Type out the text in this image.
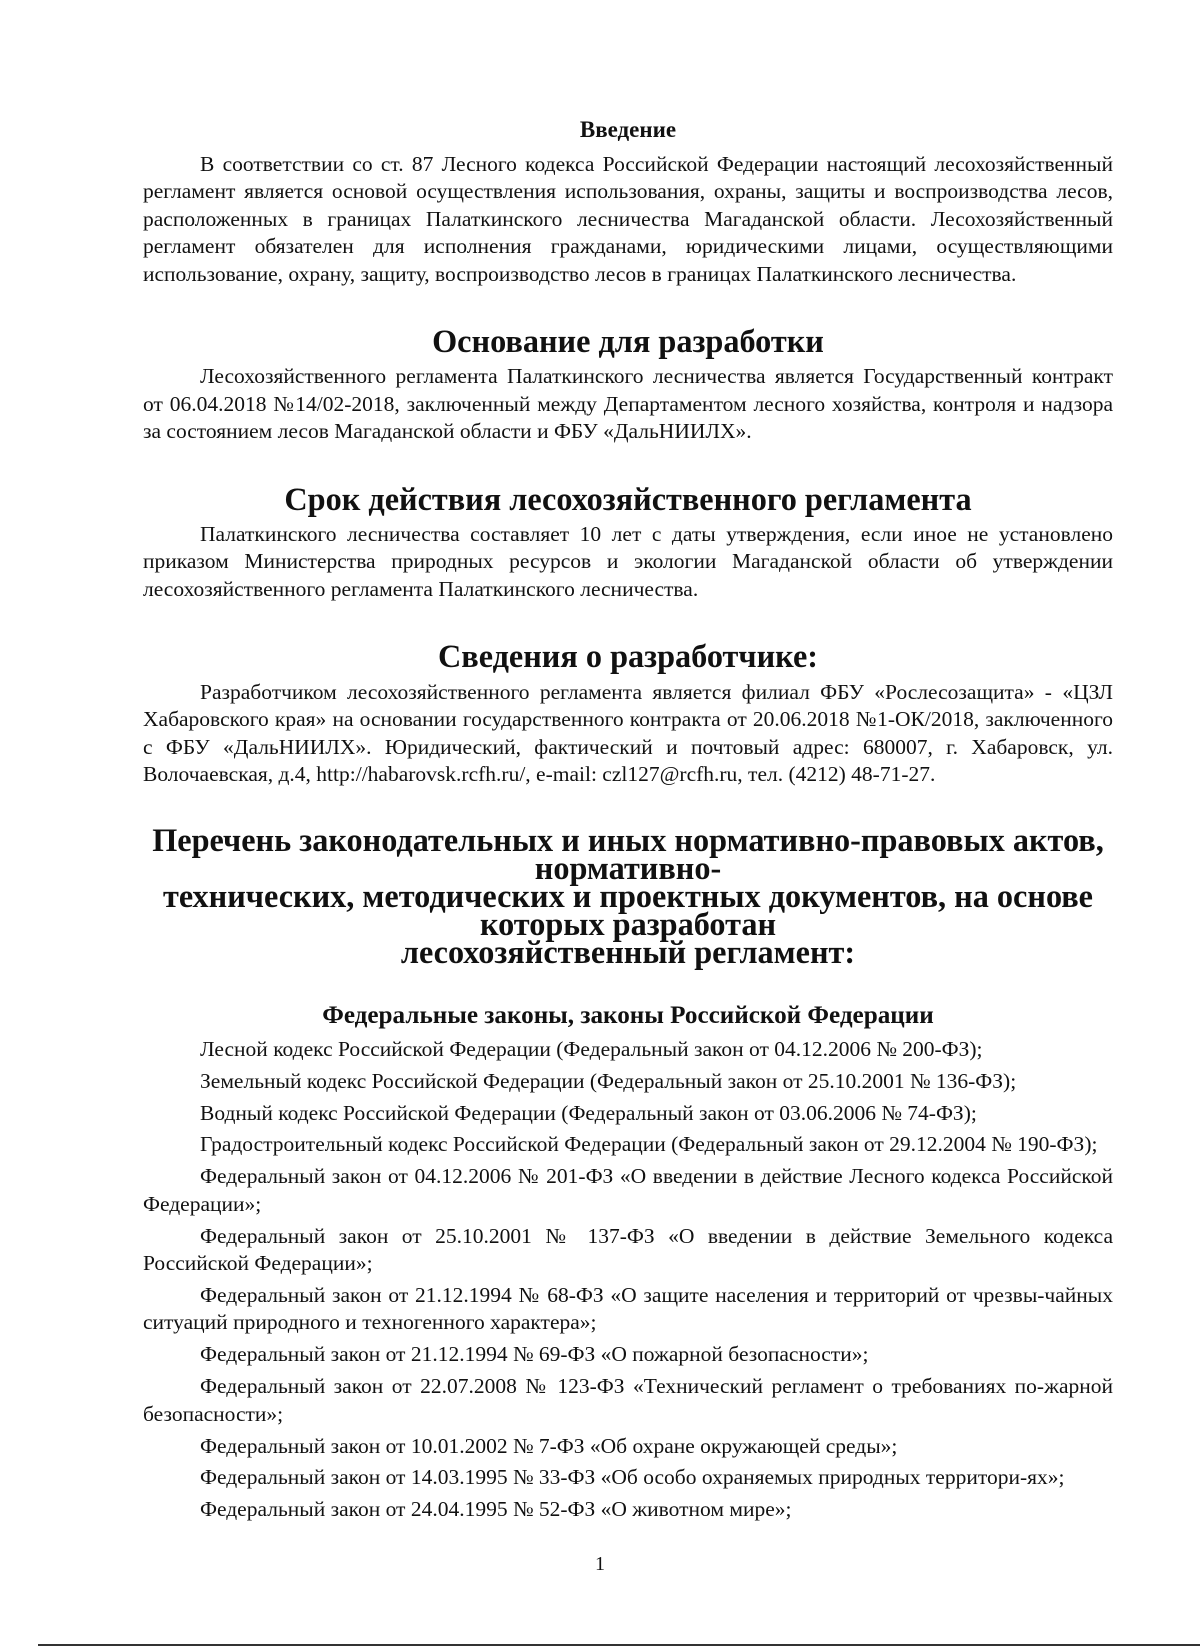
Введение

В соответствии со ст. 87 Лесного кодекса Российской Федерации настоящий лесохозяйственный регламент является основой осуществления использования, охраны, защиты и воспроизводства лесов, расположенных в границах Палаткинского лесничества Магаданской области. Лесохозяйственный регламент обязателен для исполнения гражданами, юридическими лицами, осуществляющими использование, охрану, защиту, воспроизводство лесов в границах Палаткинского лесничества.

Основание для разработки

Лесохозяйственного регламента Палаткинского лесничества является Государственный контракт от 06.04.2018 №14/02-2018, заключенный между Департаментом лесного хозяйства, контроля и надзора за состоянием лесов Магаданской области и ФБУ «ДальНИИЛХ».

Срок действия лесохозяйственного регламента

Палаткинского лесничества составляет 10 лет с даты утверждения, если иное не установлено приказом Министерства природных ресурсов и экологии Магаданской области об утверждении лесохозяйственного регламента Палаткинского лесничества.

Сведения о разработчике:

Разработчиком лесохозяйственного регламента является филиал ФБУ «Рослесозащита» - «ЦЗЛ Хабаровского края» на основании государственного контракта от 20.06.2018 №1-ОК/2018, заключенного с ФБУ «ДальНИИЛХ». Юридический, фактический и почтовый адрес: 680007, г. Хабаровск, ул. Волочаевская, д.4, http://habarovsk.rcfh.ru/, e-mail: czl127@rcfh.ru, тел. (4212) 48-71-27.

Перечень законодательных и иных нормативно-правовых актов, нормативно-
технических, методических и проектных документов, на основе которых разработан
лесохозяйственный регламент:
Федеральные законы, законы Российской Федерации

Лесной кодекс Российской Федерации (Федеральный закон от 04.12.2006 № 200-ФЗ);

Земельный кодекс Российской Федерации (Федеральный закон от 25.10.2001 № 136-ФЗ);

Водный кодекс Российской Федерации (Федеральный закон от 03.06.2006 № 74-ФЗ);

Градостроительный кодекс Российской Федерации (Федеральный закон от 29.12.2004 № 190-ФЗ);

Федеральный закон от 04.12.2006 № 201-ФЗ «О введении в действие Лесного кодекса Российской Федерации»;

Федеральный закон от 25.10.2001 № 137-ФЗ «О введении в действие Земельного кодекса Российской Федерации»;

Федеральный закон от 21.12.1994 № 68-ФЗ «О защите населения и территорий от чрезвы-чайных ситуаций природного и техногенного характера»;

Федеральный закон от 21.12.1994 № 69-ФЗ «О пожарной безопасности»;

Федеральный закон от 22.07.2008 № 123-ФЗ «Технический регламент о требованиях по-жарной безопасности»;

Федеральный закон от 10.01.2002 № 7-ФЗ «Об охране окружающей среды»;

Федеральный закон от 14.03.1995 № 33-ФЗ «Об особо охраняемых природных территори-ях»;

Федеральный закон от 24.04.1995 № 52-ФЗ «О животном мире»;

1
